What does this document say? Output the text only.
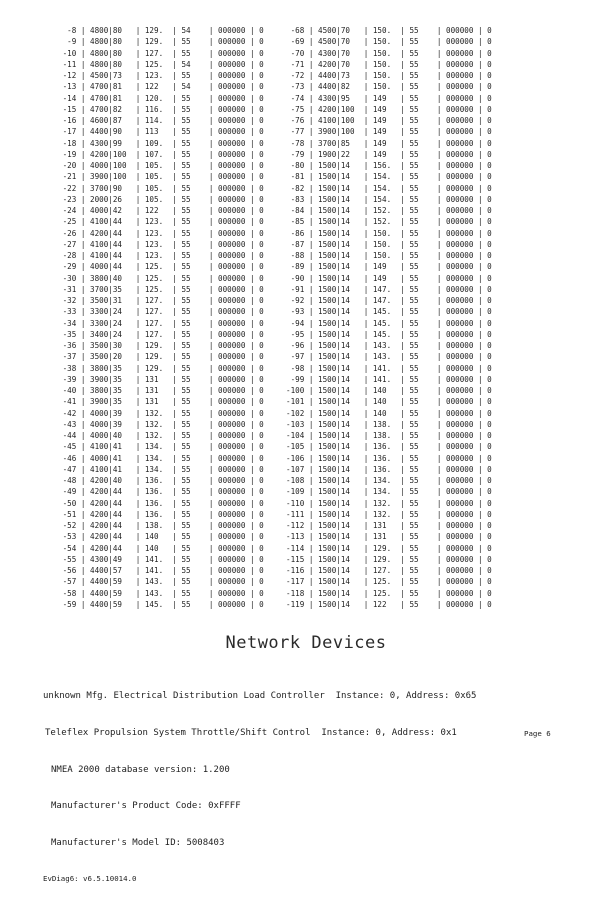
-8 | 4800|80   | 129.  | 54    | 000000 | 0
-9 | 4800|80   | 129.  | 55    | 000000 | 0
-10 | 4800|80   | 127.  | 55    | 000000 | 0
-11 | 4800|80   | 125.  | 54    | 000000 | 0
-12 | 4500|73   | 123.  | 55    | 000000 | 0
-13 | 4700|81   | 122   | 54    | 000000 | 0
-14 | 4700|81   | 120.  | 55    | 000000 | 0
-15 | 4700|82   | 116.  | 55    | 000000 | 0
-16 | 4600|87   | 114.  | 55    | 000000 | 0
-17 | 4400|90   | 113   | 55    | 000000 | 0
-18 | 4300|99   | 109.  | 55    | 000000 | 0
-19 | 4200|100  | 107.  | 55    | 000000 | 0
-20 | 4000|100  | 105.  | 55    | 000000 | 0
-21 | 3900|100  | 105.  | 55    | 000000 | 0
-22 | 3700|90   | 105.  | 55    | 000000 | 0
-23 | 2000|26   | 105.  | 55    | 000000 | 0
-24 | 4000|42   | 122   | 55    | 000000 | 0
-25 | 4100|44   | 123.  | 55    | 000000 | 0
-26 | 4200|44   | 123.  | 55    | 000000 | 0
-27 | 4100|44   | 123.  | 55    | 000000 | 0
-28 | 4100|44   | 123.  | 55    | 000000 | 0
-29 | 4000|44   | 125.  | 55    | 000000 | 0
-30 | 3800|40   | 125.  | 55    | 000000 | 0
-31 | 3700|35   | 125.  | 55    | 000000 | 0
-32 | 3500|31   | 127.  | 55    | 000000 | 0
-33 | 3300|24   | 127.  | 55    | 000000 | 0
-34 | 3300|24   | 127.  | 55    | 000000 | 0
-35 | 3400|24   | 127.  | 55    | 000000 | 0
-36 | 3500|30   | 129.  | 55    | 000000 | 0
-37 | 3500|20   | 129.  | 55    | 000000 | 0
-38 | 3800|35   | 129.  | 55    | 000000 | 0
-39 | 3900|35   | 131   | 55    | 000000 | 0
-40 | 3800|35   | 131   | 55    | 000000 | 0
-41 | 3900|35   | 131   | 55    | 000000 | 0
-42 | 4000|39   | 132.  | 55    | 000000 | 0
-43 | 4000|39   | 132.  | 55    | 000000 | 0
-44 | 4000|40   | 132.  | 55    | 000000 | 0
-45 | 4100|41   | 134.  | 55    | 000000 | 0
-46 | 4000|41   | 134.  | 55    | 000000 | 0
-47 | 4100|41   | 134.  | 55    | 000000 | 0
-48 | 4200|40   | 136.  | 55    | 000000 | 0
-49 | 4200|44   | 136.  | 55    | 000000 | 0
-50 | 4200|44   | 136.  | 55    | 000000 | 0
-51 | 4200|44   | 136.  | 55    | 000000 | 0
-52 | 4200|44   | 138.  | 55    | 000000 | 0
-53 | 4200|44   | 140   | 55    | 000000 | 0
-54 | 4200|44   | 140   | 55    | 000000 | 0
-55 | 4300|49   | 141.  | 55    | 000000 | 0
-56 | 4400|57   | 141.  | 55    | 000000 | 0
-57 | 4400|59   | 143.  | 55    | 000000 | 0
-58 | 4400|59   | 143.  | 55    | 000000 | 0
-59 | 4400|59   | 145.  | 55    | 000000 | 0
-68 | 4500|70   | 150.  | 55    | 000000 | 0
-69 | 4500|70   | 150.  | 55    | 000000 | 0
-70 | 4300|70   | 150.  | 55    | 000000 | 0
-71 | 4200|70   | 150.  | 55    | 000000 | 0
-72 | 4400|73   | 150.  | 55    | 000000 | 0
-73 | 4400|82   | 150.  | 55    | 000000 | 0
-74 | 4300|95   | 149   | 55    | 000000 | 0
-75 | 4200|100  | 149   | 55    | 000000 | 0
-76 | 4100|100  | 149   | 55    | 000000 | 0
-77 | 3900|100  | 149   | 55    | 000000 | 0
-78 | 3700|85   | 149   | 55    | 000000 | 0
-79 | 1900|22   | 149   | 55    | 000000 | 0
-80 | 1500|14   | 156.  | 55    | 000000 | 0
-81 | 1500|14   | 154.  | 55    | 000000 | 0
-82 | 1500|14   | 154.  | 55    | 000000 | 0
-83 | 1500|14   | 154.  | 55    | 000000 | 0
-84 | 1500|14   | 152.  | 55    | 000000 | 0
-85 | 1500|14   | 152.  | 55    | 000000 | 0
-86 | 1500|14   | 150.  | 55    | 000000 | 0
-87 | 1500|14   | 150.  | 55    | 000000 | 0
-88 | 1500|14   | 150.  | 55    | 000000 | 0
-89 | 1500|14   | 149   | 55    | 000000 | 0
-90 | 1500|14   | 149   | 55    | 000000 | 0
-91 | 1500|14   | 147.  | 55    | 000000 | 0
-92 | 1500|14   | 147.  | 55    | 000000 | 0
-93 | 1500|14   | 145.  | 55    | 000000 | 0
-94 | 1500|14   | 145.  | 55    | 000000 | 0
-95 | 1500|14   | 145.  | 55    | 000000 | 0
-96 | 1500|14   | 143.  | 55    | 000000 | 0
-97 | 1500|14   | 143.  | 55    | 000000 | 0
-98 | 1500|14   | 141.  | 55    | 000000 | 0
-99 | 1500|14   | 141.  | 55    | 000000 | 0
-100 | 1500|14   | 140   | 55    | 000000 | 0
-101 | 1500|14   | 140   | 55    | 000000 | 0
-102 | 1500|14   | 140   | 55    | 000000 | 0
-103 | 1500|14   | 138.  | 55    | 000000 | 0
-104 | 1500|14   | 138.  | 55    | 000000 | 0
-105 | 1500|14   | 136.  | 55    | 000000 | 0
-106 | 1500|14   | 136.  | 55    | 000000 | 0
-107 | 1500|14   | 136.  | 55    | 000000 | 0
-108 | 1500|14   | 134.  | 55    | 000000 | 0
-109 | 1500|14   | 134.  | 55    | 000000 | 0
-110 | 1500|14   | 132.  | 55    | 000000 | 0
-111 | 1500|14   | 132.  | 55    | 000000 | 0
-112 | 1500|14   | 131   | 55    | 000000 | 0
-113 | 1500|14   | 131   | 55    | 000000 | 0
-114 | 1500|14   | 129.  | 55    | 000000 | 0
-115 | 1500|14   | 129.  | 55    | 000000 | 0
-116 | 1500|14   | 127.  | 55    | 000000 | 0
-117 | 1500|14   | 125.  | 55    | 000000 | 0
-118 | 1500|14   | 125.  | 55    | 000000 | 0
-119 | 1500|14   | 122   | 55    | 000000 | 0
Network Devices

unknown Mfg. Electrical Distribution Load Controller  Instance: 0, Address: 0x65

Teleflex Propulsion System Throttle/Shift Control  Instance: 0, Address: 0x1

NMEA 2000 database version: 1.200

Manufacturer's Product Code: 0xFFFF

Manufacturer's Model ID: 5008403

EvDiag6: v6.5.10014.0

Page 6
